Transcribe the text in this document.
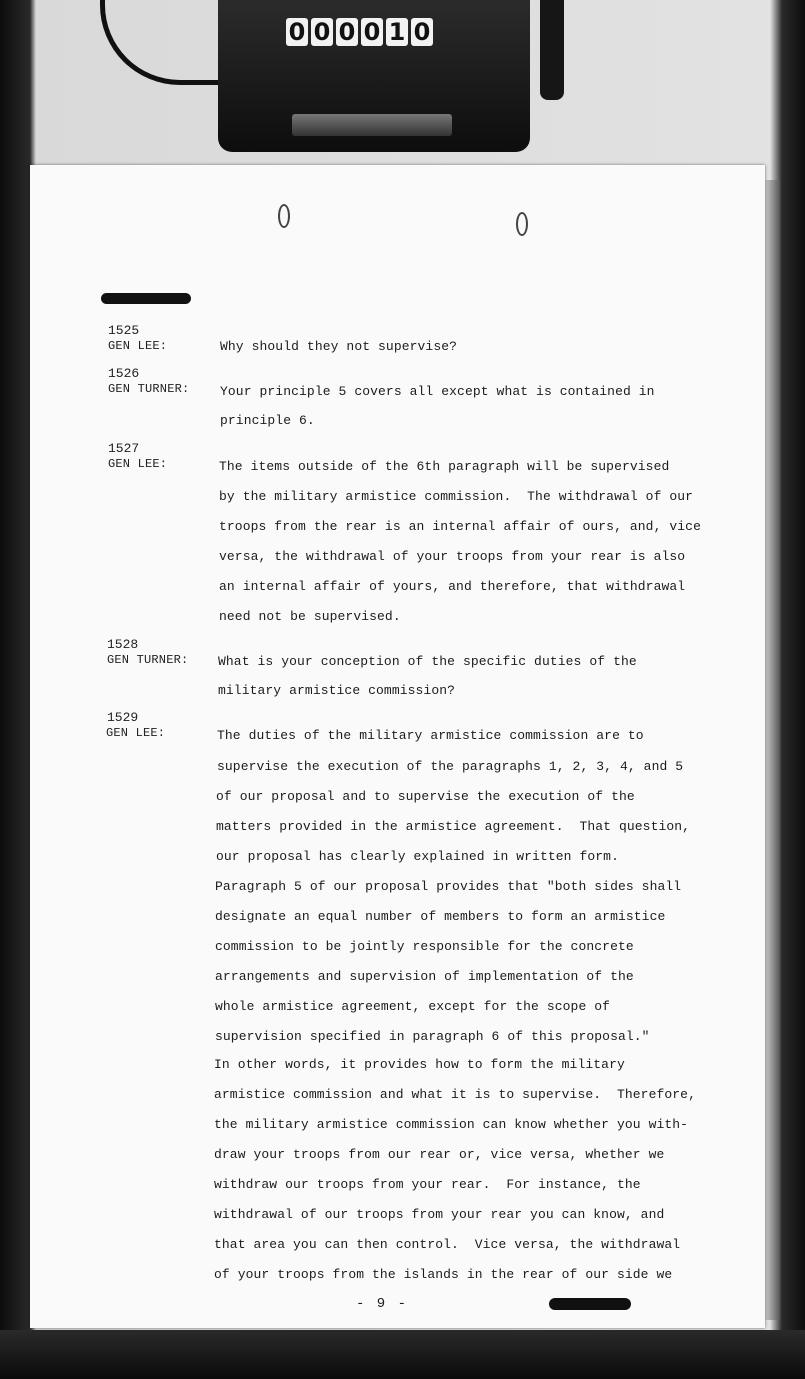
0 0 0 0 1 0
1525
GEN LEE:	Why should they not supervise?
1526
GEN TURNER: Your principle 5 covers all except what is contained in
principle 6.
1527
GEN LEE:	The items outside of the 6th paragraph will be supervised
by the military armistice commission.  The withdrawal of our
troops from the rear is an internal affair of ours, and, vice
versa, the withdrawal of your troops from your rear is also
an internal affair of yours, and therefore, that withdrawal
need not be supervised.
1528
GEN TURNER: What is your conception of the specific duties of the
military armistice commission?
1529
GEN LEE:	The duties of the military armistice commission are to
supervise the execution of the paragraphs 1, 2, 3, 4, and 5
of our proposal and to supervise the execution of the
matters provided in the armistice agreement.  That question,
our proposal has clearly explained in written form.
Paragraph 5 of our proposal provides that "both sides shall
designate an equal number of members to form an armistice
commission to be jointly responsible for the concrete
arrangements and supervision of implementation of the
whole armistice agreement, except for the scope of
supervision specified in paragraph 6 of this proposal."
In other words, it provides how to form the military
armistice commission and what it is to supervise.  Therefore,
the military armistice commission can know whether you with-
draw your troops from our rear or, vice versa, whether we
withdraw our troops from your rear.  For instance, the
withdrawal of our troops from your rear you can know, and
that area you can then control.  Vice versa, the withdrawal
of your troops from the islands in the rear of our side we
- 9 -
